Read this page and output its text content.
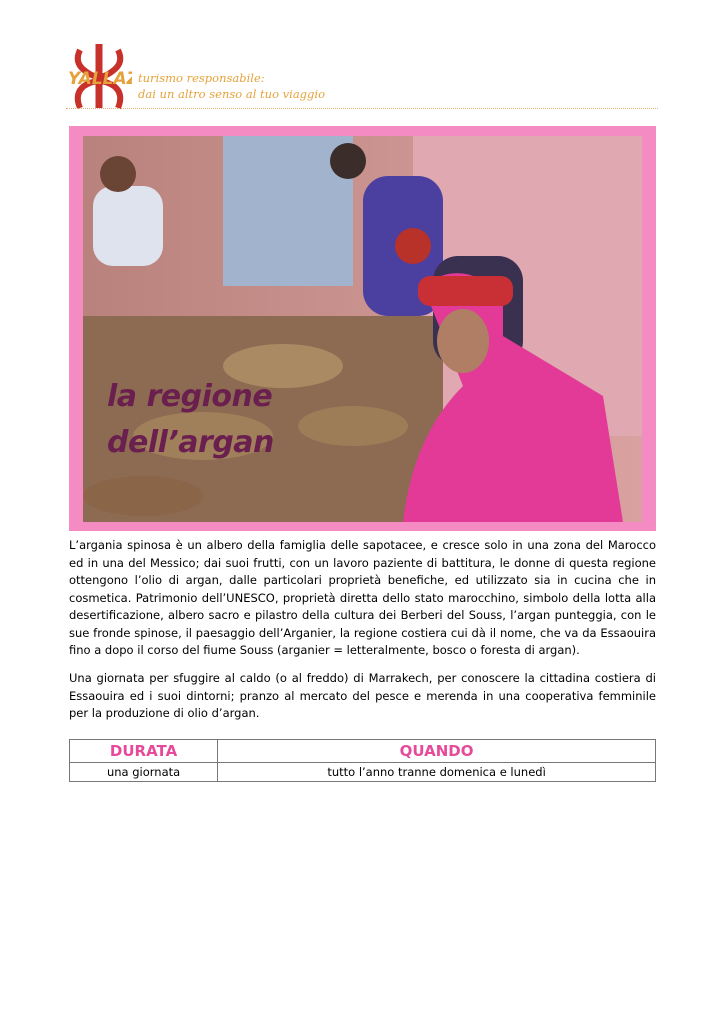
YALLAZ turismo responsabile:
dai un altro senso al tuo viaggio
la regione
dell’argan
L’argania spinosa è un albero della famiglia delle sapotacee, e cresce solo in una zona del Marocco ed in una del Messico; dai suoi frutti, con un lavoro paziente di battitura, le donne di questa regione ottengono l’olio di argan, dalle particolari proprietà benefiche, ed utilizzato sia in cucina che in cosmetica. Patrimonio dell’UNESCO, proprietà diretta dello stato marocchino, simbolo della lotta alla desertificazione, albero sacro e pilastro della cultura dei Berberi del Souss, l’argan punteggia, con le sue fronde spinose, il paesaggio dell’Arganier, la regione costiera cui dà il nome, che va da Essaouira fino a dopo il corso del fiume Souss (arganier = letteralmente, bosco o foresta di argan).
Una giornata per sfuggire al caldo (o al freddo) di Marrakech, per conoscere la cittadina costiera di Essaouira ed i suoi dintorni; pranzo al mercato del pesce e merenda in una cooperativa femminile per la produzione di olio d’argan.
DURATA	QUANDO
una giornata	tutto l’anno tranne domenica e lunedì
